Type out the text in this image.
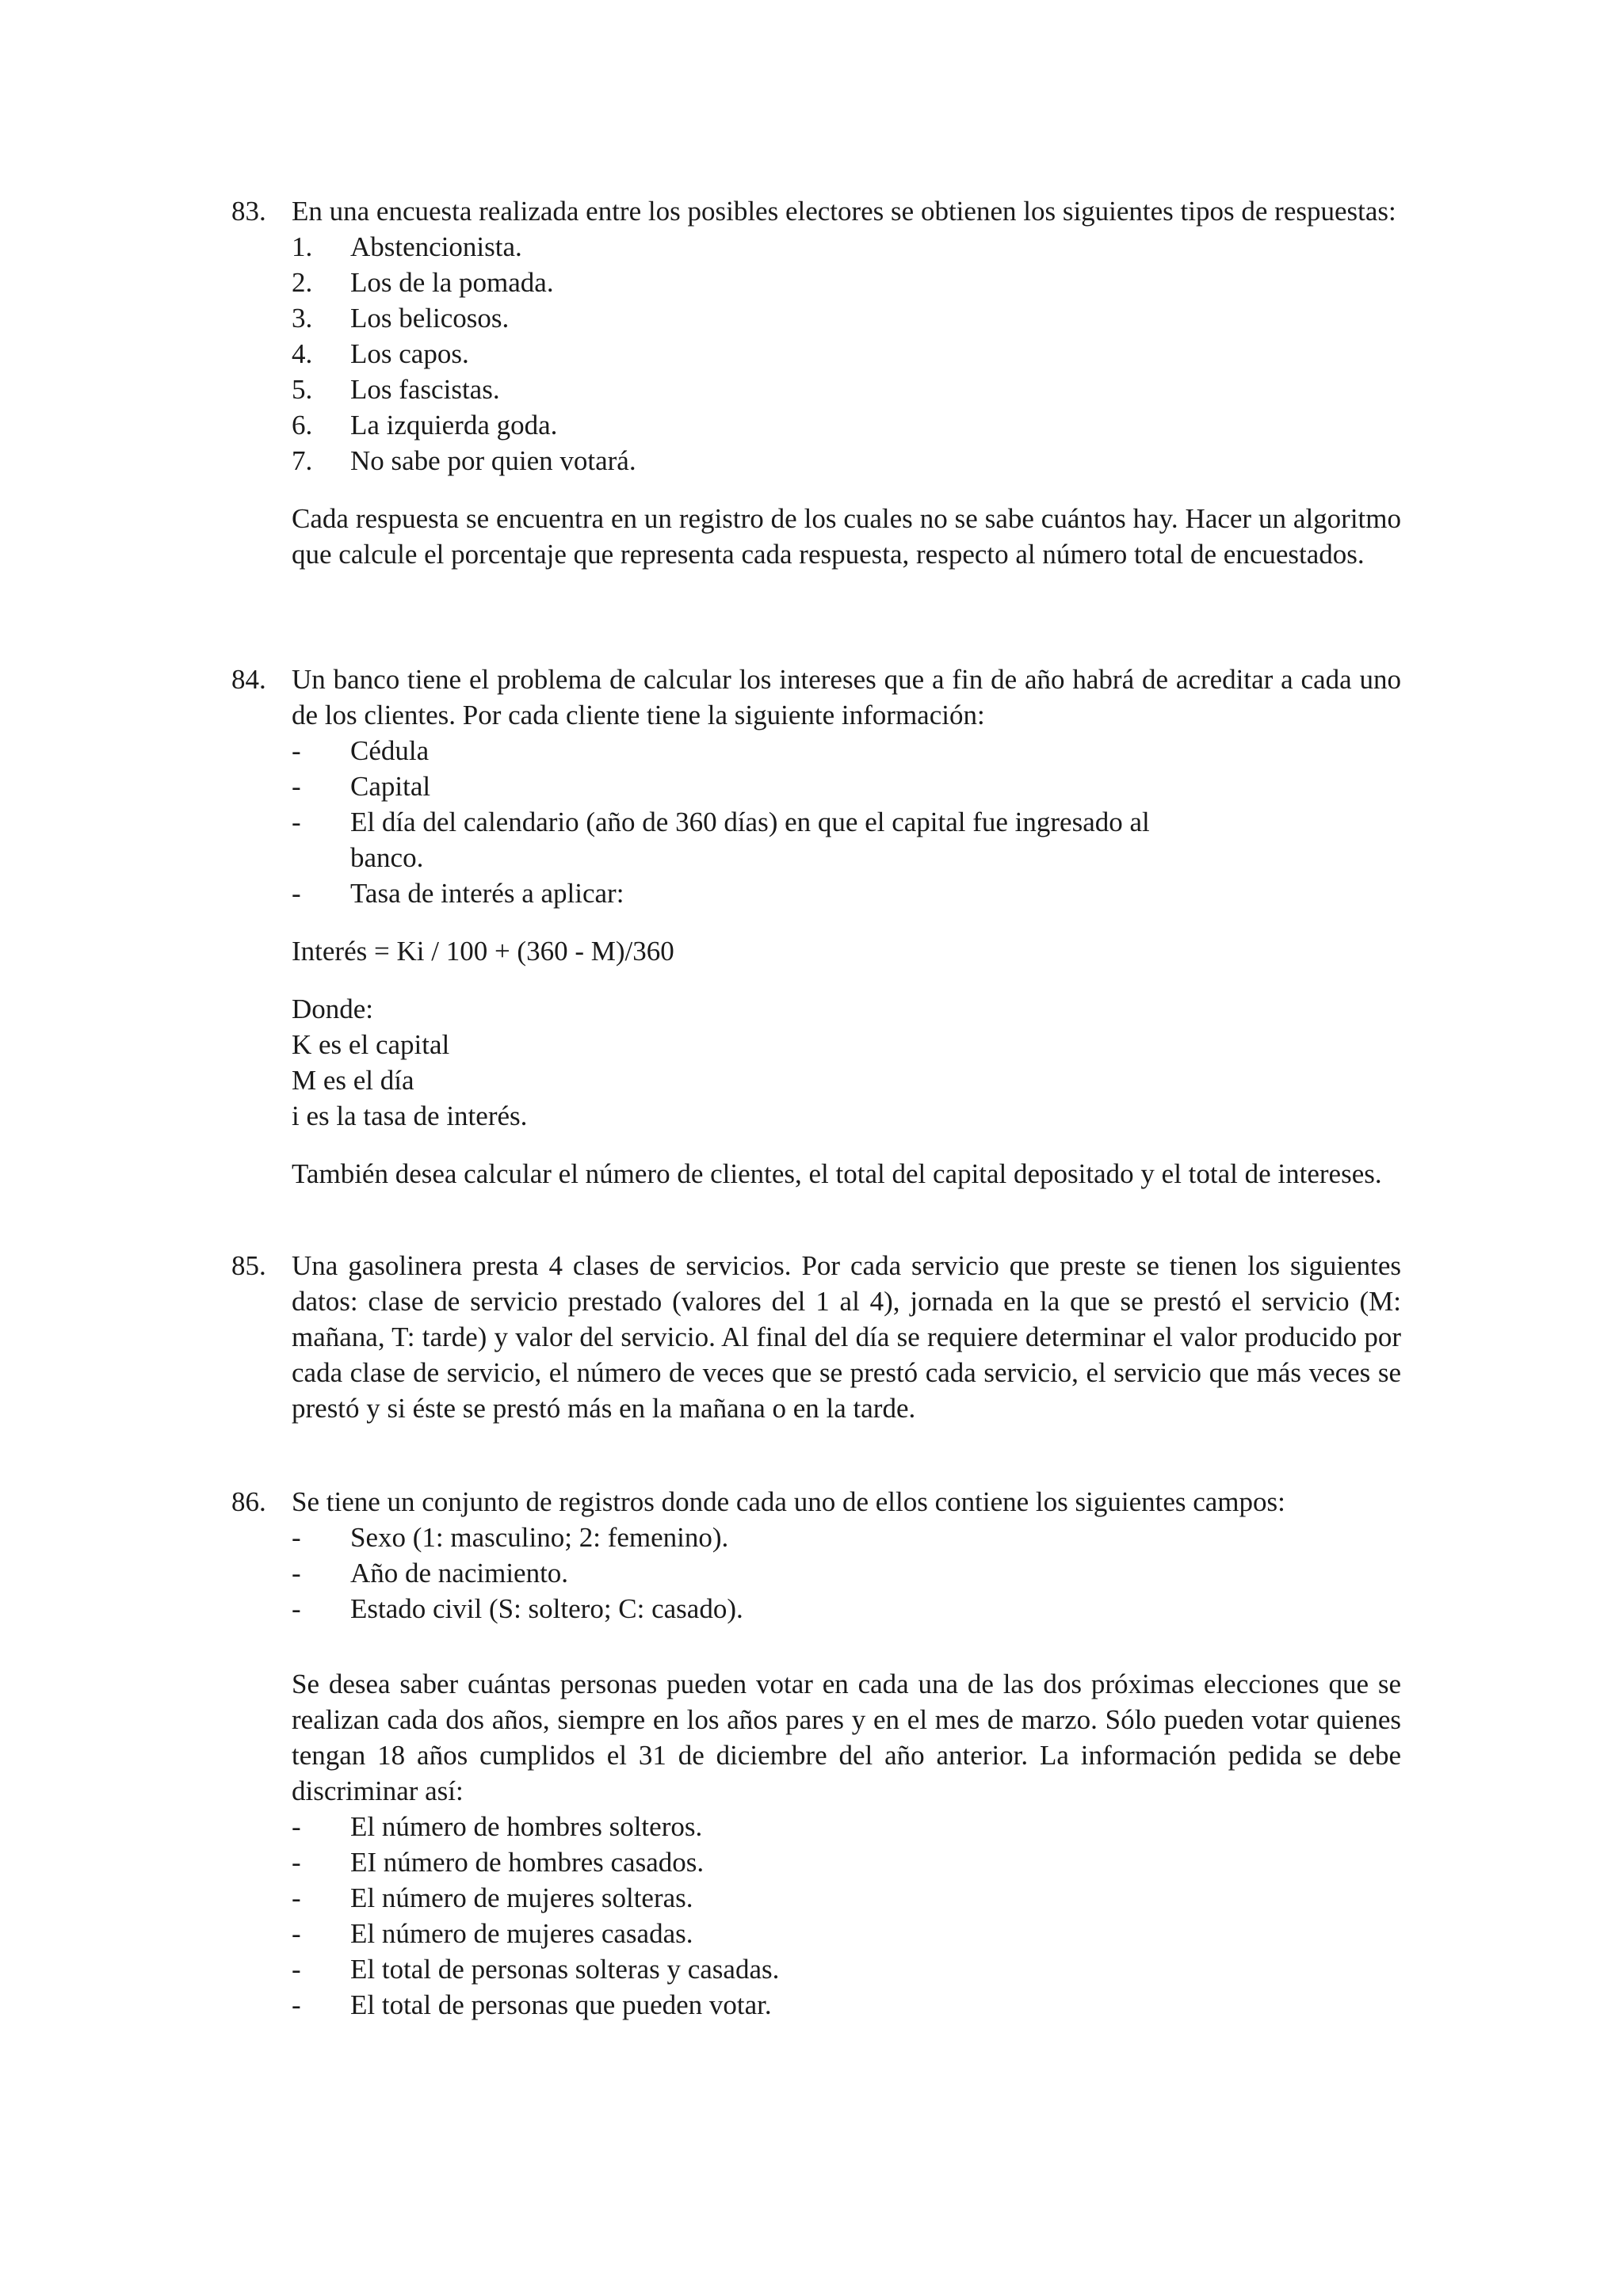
83. En una encuesta realizada entre los posibles electores se obtienen los siguientes tipos de respuestas:

1. Abstencionista.
2. Los de la pomada.
3. Los belicosos.
4. Los capos.
5. Los fascistas.
6. La izquierda goda.
7. No sabe por quien votará.

Cada respuesta se encuentra en un registro de los cuales no se sabe cuántos hay. Hacer un algoritmo que calcule el porcentaje que representa cada respuesta, respecto al número total de encuestados.

84. Un banco tiene el problema de calcular los intereses que a fin de año habrá de acreditar a cada uno de los clientes. Por cada cliente tiene la siguiente información:

- Cédula
- Capital
- El día del calendario (año de 360 días) en que el capital fue ingresado al
banco.
- Tasa de interés a aplicar:

Interés = Ki / 100 + (360 - M)/360

Donde:
K es el capital
M es el día
i es la tasa de interés.

También desea calcular el número de clientes, el total del capital depositado y el total de intereses.

85. Una gasolinera presta 4 clases de servicios. Por cada servicio que preste se tienen los siguientes datos: clase de servicio prestado (valores del 1 al 4), jornada en la que se prestó el servicio (M: mañana, T: tarde) y valor del servicio. Al final del día se requiere determinar el valor producido por cada clase de servicio, el número de veces que se prestó cada servicio, el servicio que más veces se prestó y si éste se prestó más en la mañana o en la tarde.

86. Se tiene un conjunto de registros donde cada uno de ellos contiene los siguientes campos:

- Sexo (1: masculino; 2: femenino).
- Año de nacimiento.
- Estado civil (S: soltero; C: casado).

Se desea saber cuántas personas pueden votar en cada una de las dos próximas elecciones que se realizan cada dos años, siempre en los años pares y en el mes de marzo. Sólo pueden votar quienes tengan 18 años cumplidos el 31 de diciembre del año anterior. La información pedida se debe discriminar así:

- El número de hombres solteros.
- EI número de hombres casados.
- El número de mujeres solteras.
- El número de mujeres casadas.
- El total de personas solteras y casadas.
- El total de personas que pueden votar.
